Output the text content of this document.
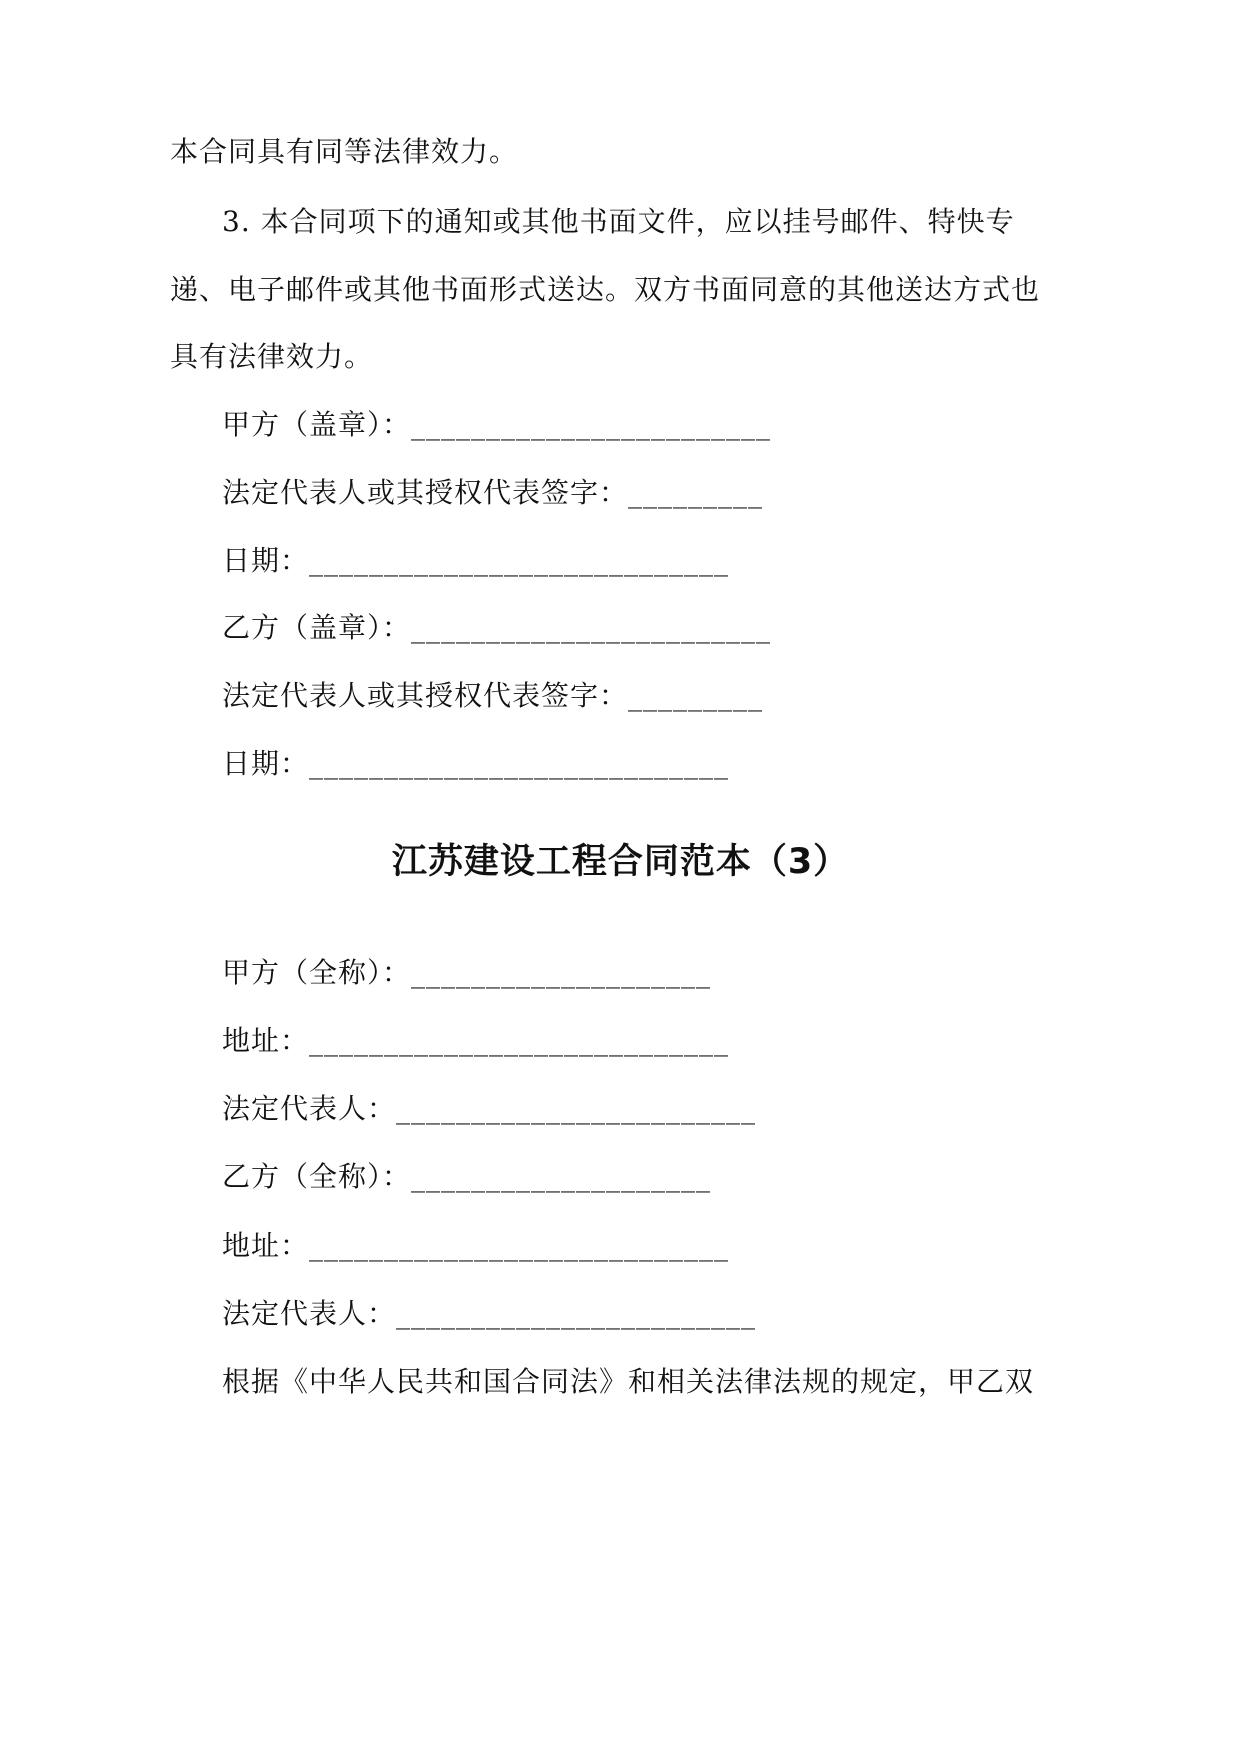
本合同具有同等法律效力。
3. 本合同项下的通知或其他书面文件，应以挂号邮件、特快专
递、电子邮件或其他书面形式送达。双方书面同意的其他送达方式也
具有法律效力。
甲方（盖章）：________________________
法定代表人或其授权代表签字：_________
日期：____________________________
乙方（盖章）：________________________
法定代表人或其授权代表签字：_________
日期：____________________________
江苏建设工程合同范本（3）
甲方（全称）：____________________
地址：____________________________
法定代表人：________________________
乙方（全称）：____________________
地址：____________________________
法定代表人：________________________
根据《中华人民共和国合同法》和相关法律法规的规定，甲乙双
